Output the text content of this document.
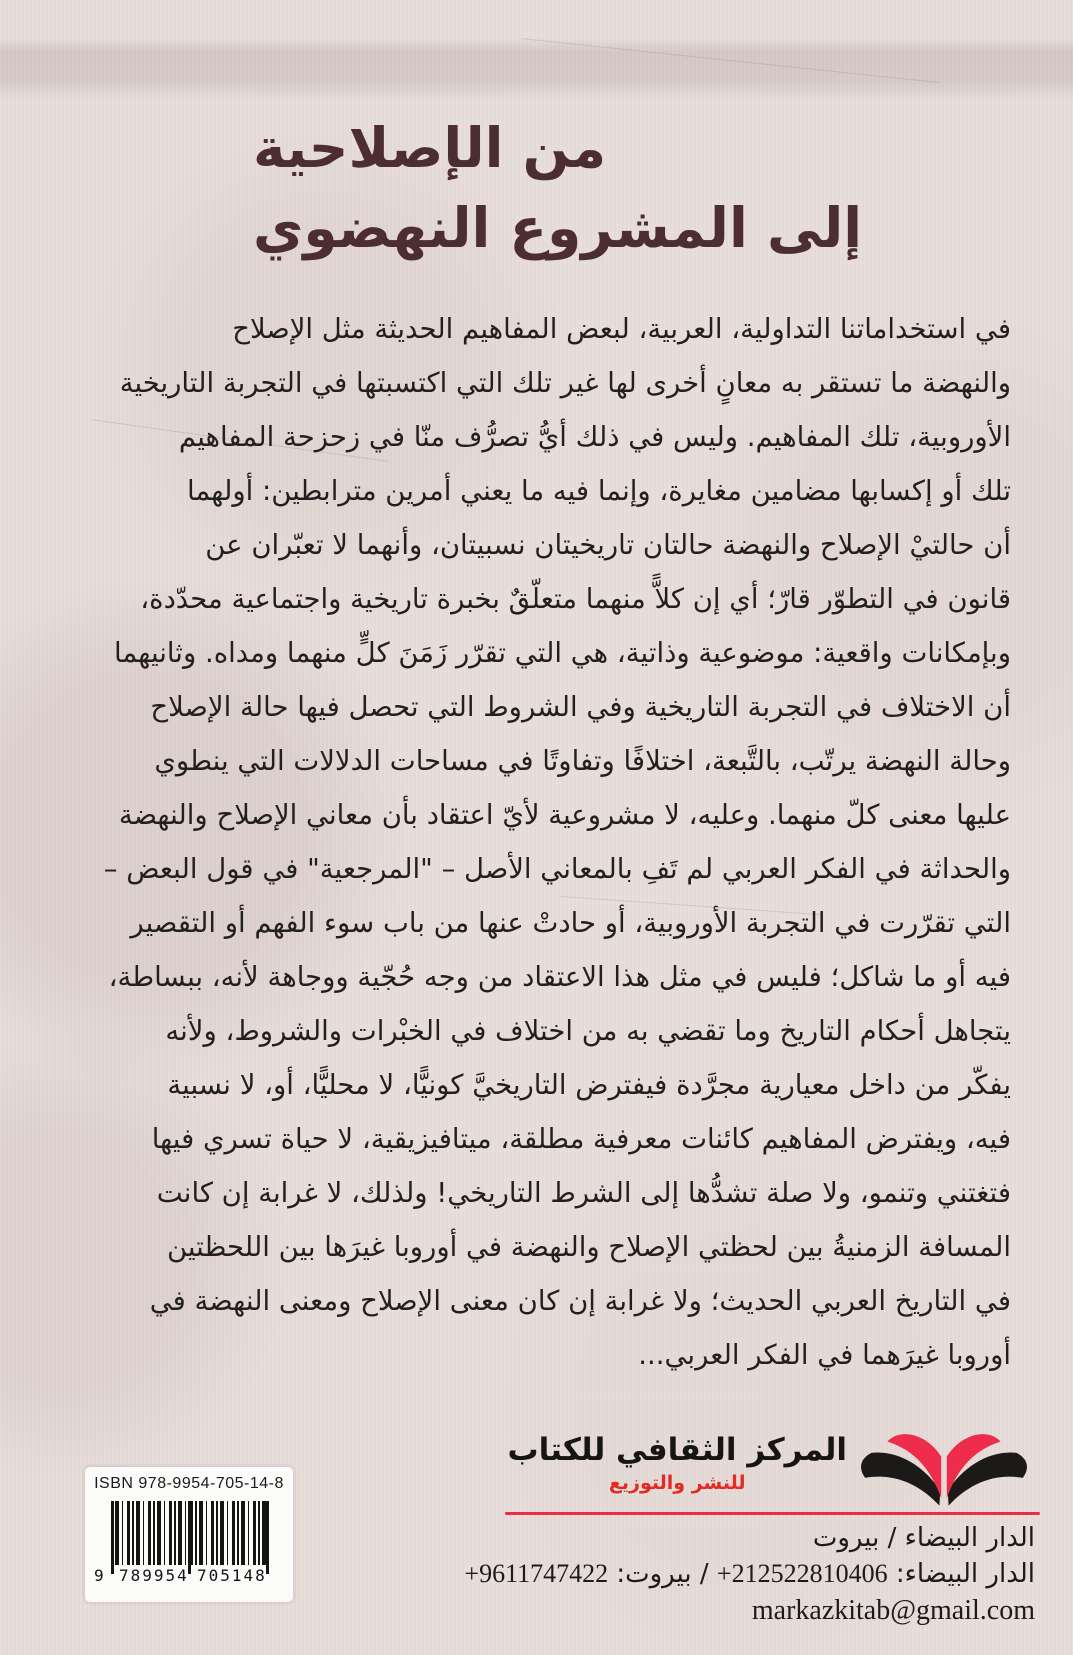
من الإصلاحية
إلى المشروع النهضوي
في استخداماتنا التداولية، العربية، لبعض المفاهيم الحديثة مثل الإصلاح
والنهضة ما تستقر به معانٍ أخرى لها غير تلك التي اكتسبتها في التجربة التاريخية
الأوروبية، تلك المفاهيم. وليس في ذلك أيُّ تصرُّف منّا في زحزحة المفاهيم
تلك أو إكسابها مضامين مغايرة، وإنما فيه ما يعني أمرين مترابطين: أولهما
أن حالتيْ الإصلاح والنهضة حالتان تاريخيتان نسبيتان، وأنهما لا تعبّران عن
قانون في التطوّر قارّ؛ أي إن كلاًّ منهما متعلّقٌ بخبرة تاريخية واجتماعية محدّدة،
وبإمكانات واقعية: موضوعية وذاتية، هي التي تقرّر زَمَنَ كلٍّ منهما ومداه. وثانيهما
أن الاختلاف في التجربة التاريخية وفي الشروط التي تحصل فيها حالة الإصلاح
وحالة النهضة يرتّب، بالتَّبعة، اختلافًا وتفاوتًا في مساحات الدلالات التي ينطوي
عليها معنى كلّ منهما. وعليه، لا مشروعية لأيّ اعتقاد بأن معاني الإصلاح والنهضة
والحداثة في الفكر العربي لم تَفِ بالمعاني الأصل – "المرجعية" في قول البعض –
التي تقرّرت في التجربة الأوروبية، أو حادتْ عنها من باب سوء الفهم أو التقصير
فيه أو ما شاكل؛ فليس في مثل هذا الاعتقاد من وجه حُجّية ووجاهة لأنه، ببساطة،
يتجاهل أحكام التاريخ وما تقضي به من اختلاف في الخبْرات والشروط، ولأنه
يفكّر من داخل معيارية مجرَّدة فيفترض التاريخيَّ كونيًّا، لا محليًّا، أو، لا نسبية
فيه، ويفترض المفاهيم كائنات معرفية مطلقة، ميتافيزيقية، لا حياة تسري فيها
فتغتني وتنمو، ولا صلة تشدُّها إلى الشرط التاريخي! ولذلك، لا غرابة إن كانت
المسافة الزمنيةُ بين لحظتي الإصلاح والنهضة في أوروبا غيرَها بين اللحظتين
في التاريخ العربي الحديث؛ ولا غرابة إن كان معنى الإصلاح ومعنى النهضة في
أوروبا غيرَهما في الفكر العربي...
المركز الثقافي للكتاب
للنشر والتوزيع
الدار البيضاء / بيروت
الدار البيضاء: +212522810406 / بيروت: +9611747422
markazkitab@gmail.com
ISBN 978-9954-705-14-8
9 789954 705148
